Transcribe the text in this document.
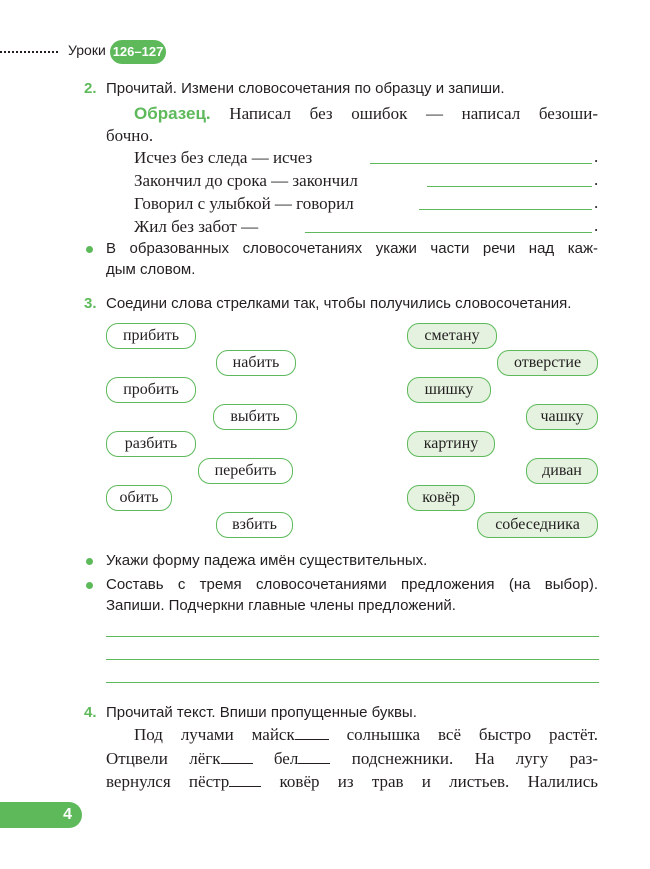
Уроки 126–127
2. Прочитай. Измени словосочетания по образцу и запиши.
Образец. Написал без ошибок — написал безоши-
бочно.
Исчез без следа — исчез	.
Закончил до срока — закончил	.
Говорил с улыбкой — говорил	.
Жил без забот —	.
В образованных словосочетаниях укажи части речи над каж-
дым словом.
3. Соедини слова стрелками так, чтобы получились словосочетания.
прибить
набить
пробить
выбить
разбить
перебить
обить
взбить
сметану
отверстие
шишку
чашку
картину
диван
ковёр
собеседника
Укажи форму падежа имён существительных.
Составь с тремя словосочетаниями предложения (на выбор).
Запиши. Подчеркни главные члены предложений.
4. Прочитай текст. Впиши пропущенные буквы.
Под лучами майск	солнышка всё быстро растёт.
Отцвели лёгк	бел	подснежники. На лугу раз-
вернулся пёстр	ковёр из трав и листьев. Налились
4
